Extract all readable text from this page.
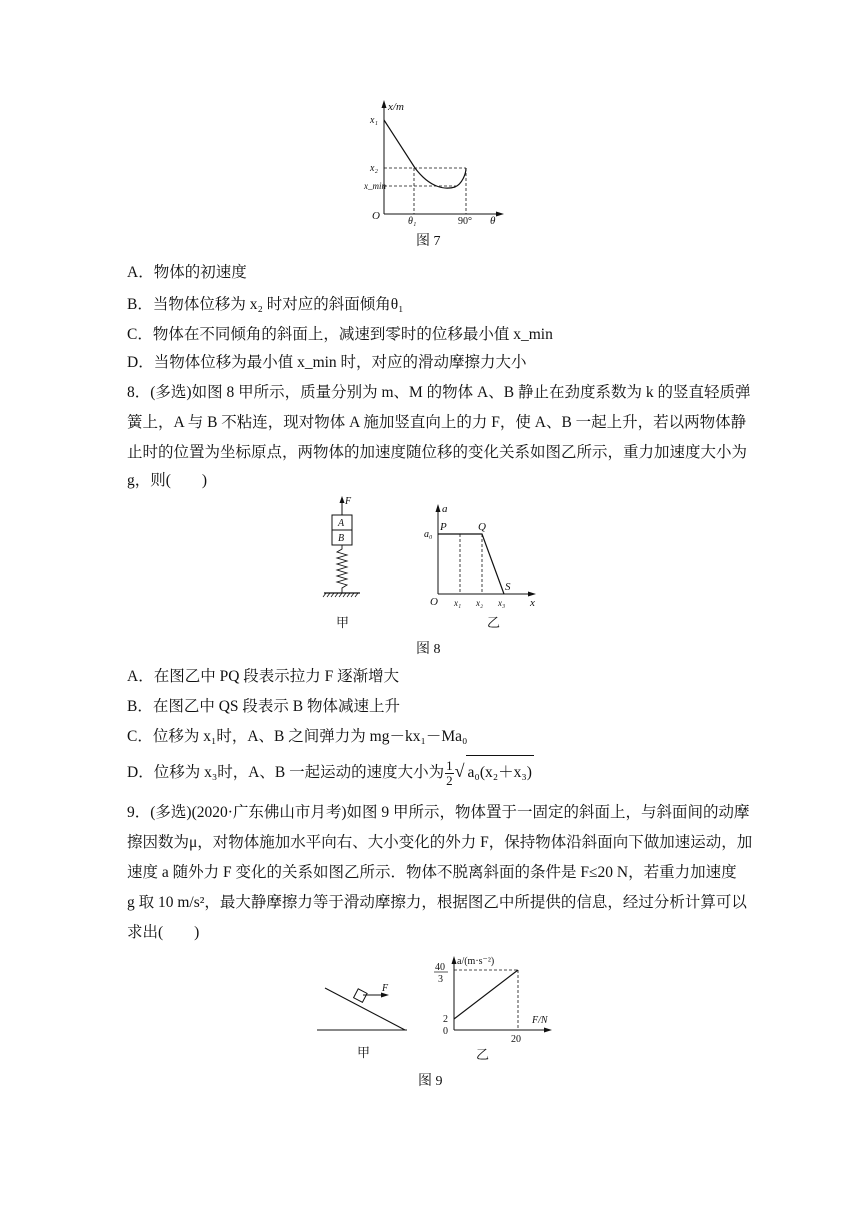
x/m
x₁
x₂
x_min
O	θ₁	90° θ
图 7
A．物体的初速度
B．当物体位移为 x₂ 时对应的斜面倾角θ₁
C．物体在不同倾角的斜面上，减速到零时的位移最小值 x_min
D．当物体位移为最小值 x_min 时，对应的滑动摩擦力大小
8．(多选)如图 8 甲所示，质量分别为 m、M 的物体 A、B 静止在劲度系数为 k 的竖直轻质弹
簧上，A 与 B 不粘连，现对物体 A 施加竖直向上的力 F，使 A、B 一起上升，若以两物体静
止时的位置为坐标原点，两物体的加速度随位移的变化关系如图乙所示，重力加速度大小为
g，则(　　)
F
A
B
甲
a
a₀
P	Q
S
O x₁ x₂ x₃ x
乙
图 8
A．在图乙中 PQ 段表示拉力 F 逐渐增大
B．在图乙中 QS 段表示 B 物体减速上升
C．位移为 x₁时，A、B 之间弹力为 mg－kx₁－Ma₀
D．位移为 x₃时，A、B 一起运动的速度大小为 $\frac{1}{2}$ √ a₀(x₂＋x₃)
9．(多选)(2020·广东佛山市月考)如图 9 甲所示，物体置于一固定的斜面上，与斜面间的动摩
擦因数为μ，对物体施加水平向右、大小变化的外力 F，保持物体沿斜面向下做加速运动，加
速度 a 随外力 F 变化的关系如图乙所示．物体不脱离斜面的条件是 F≤20 N，若重力加速度
g 取 10 m/s²，最大静摩擦力等于滑动摩擦力，根据图乙中所提供的信息，经过分析计算可以
求出(　　)
F
甲
a/(m·s⁻²)
40
3
2
0
F/N
20
乙
图 9
